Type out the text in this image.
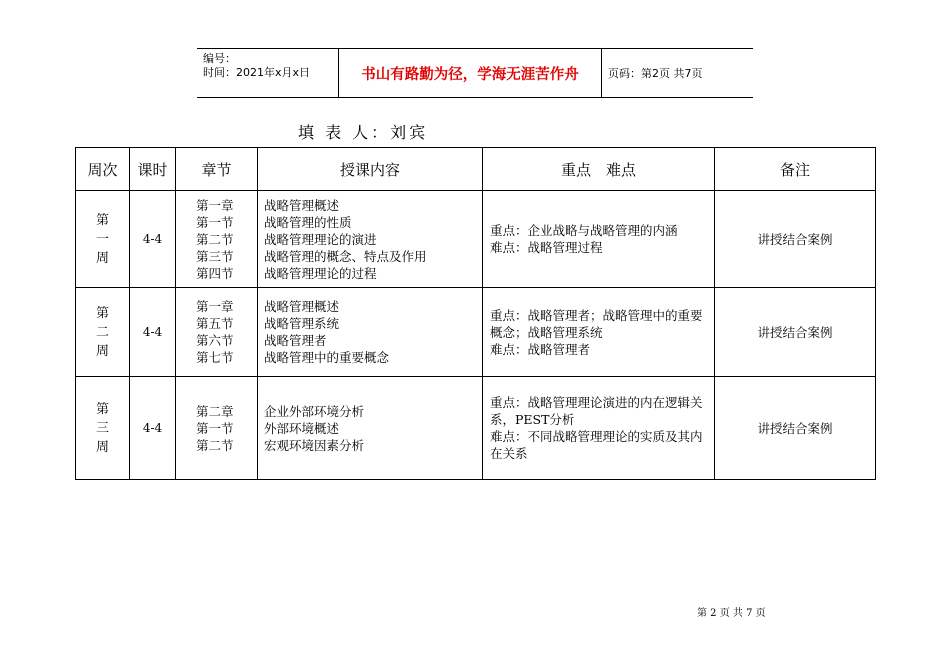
编号：
时间：2021年x月x日	书山有路勤为径，学海无涯苦作舟	页码：第2页 共7页
填 表 人：刘宾
周次	课时	章节	授课内容	重点　难点	备注

第
一
周	4-4	第一章
第一节
第二节
第三节
第四节	战略管理概述
战略管理的性质
战略管理理论的演进
战略管理的概念、特点及作用
战略管理理论的过程	重点：企业战略与战略管理的内涵
难点：战略管理过程	讲授结合案例

第
二
周	4-4	第一章
第五节
第六节
第七节	战略管理概述
战略管理系统
战略管理者
战略管理中的重要概念	重点：战略管理者；战略管理中的重要概念；战略管理系统
难点：战略管理者	讲授结合案例

第
三
周	4-4	第二章
第一节
第二节	企业外部环境分析
外部环境概述
宏观环境因素分析	重点：战略管理理论演进的内在逻辑关系，PEST分析
难点：不同战略管理理论的实质及其内在关系	讲授结合案例
第 2 页 共 7 页
